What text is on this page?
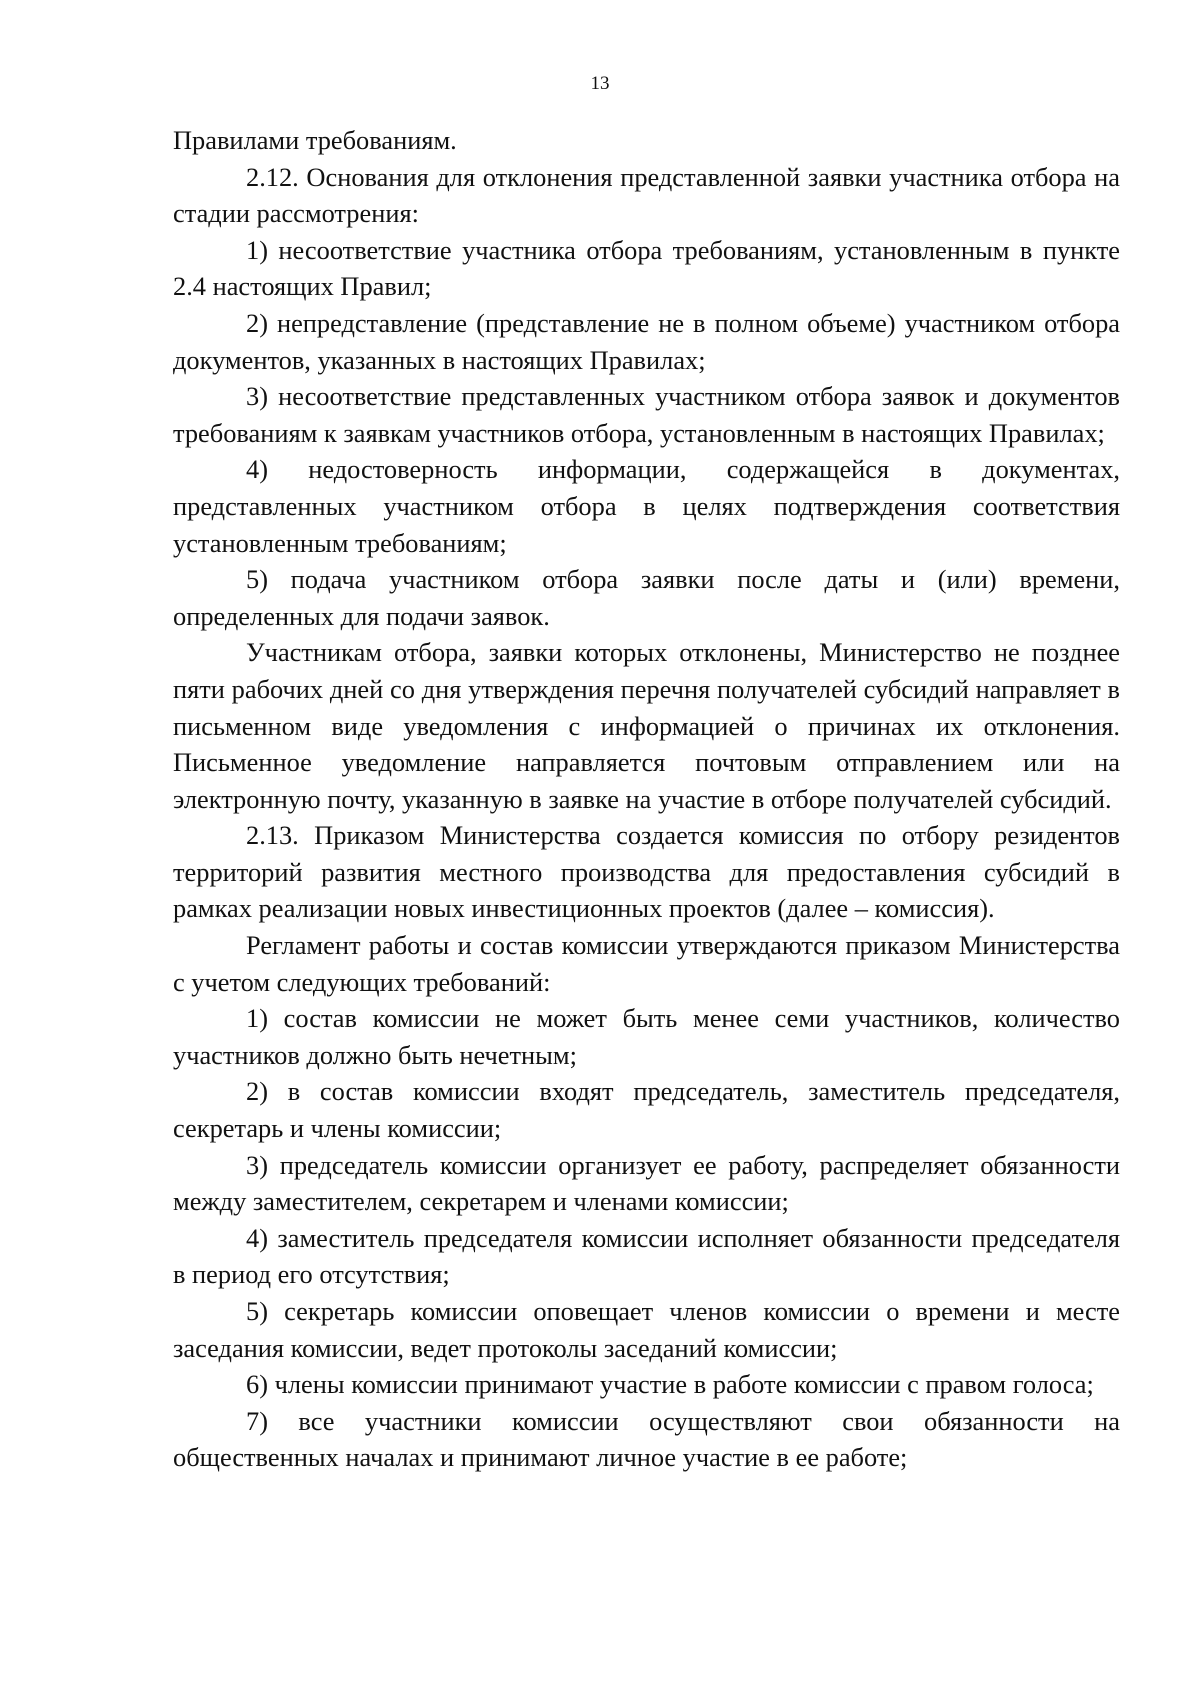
13

Правилами требованиям.

2.12. Основания для отклонения представленной заявки участника отбора на стадии рассмотрения:

1) несоответствие участника отбора требованиям, установленным в пункте 2.4 настоящих Правил;

2) непредставление (представление не в полном объеме) участником отбора документов, указанных в настоящих Правилах;

3) несоответствие представленных участником отбора заявок и документов требованиям к заявкам участников отбора, установленным в настоящих Правилах;

4) недостоверность информации, содержащейся в документах, представленных участником отбора в целях подтверждения соответствия установленным требованиям;

5) подача участником отбора заявки после даты и (или) времени, определенных для подачи заявок.

Участникам отбора, заявки которых отклонены, Министерство не позднее пяти рабочих дней со дня утверждения перечня получателей субсидий направляет в письменном виде уведомления с информацией о причинах их отклонения. Письменное уведомление направляется почтовым отправлением или на электронную почту, указанную в заявке на участие в отборе получателей субсидий.

2.13. Приказом Министерства создается комиссия по отбору резидентов территорий развития местного производства для предоставления субсидий в рамках реализации новых инвестиционных проектов (далее – комиссия).

Регламент работы и состав комиссии утверждаются приказом Министерства с учетом следующих требований:

1) состав комиссии не может быть менее семи участников, количество участников должно быть нечетным;

2) в состав комиссии входят председатель, заместитель председателя, секретарь и члены комиссии;

3) председатель комиссии организует ее работу, распределяет обязанности между заместителем, секретарем и членами комиссии;

4) заместитель председателя комиссии исполняет обязанности председателя в период его отсутствия;

5) секретарь комиссии оповещает членов комиссии о времени и месте заседания комиссии, ведет протоколы заседаний комиссии;

6) члены комиссии принимают участие в работе комиссии с правом голоса;

7) все участники комиссии осуществляют свои обязанности на общественных началах и принимают личное участие в ее работе;
